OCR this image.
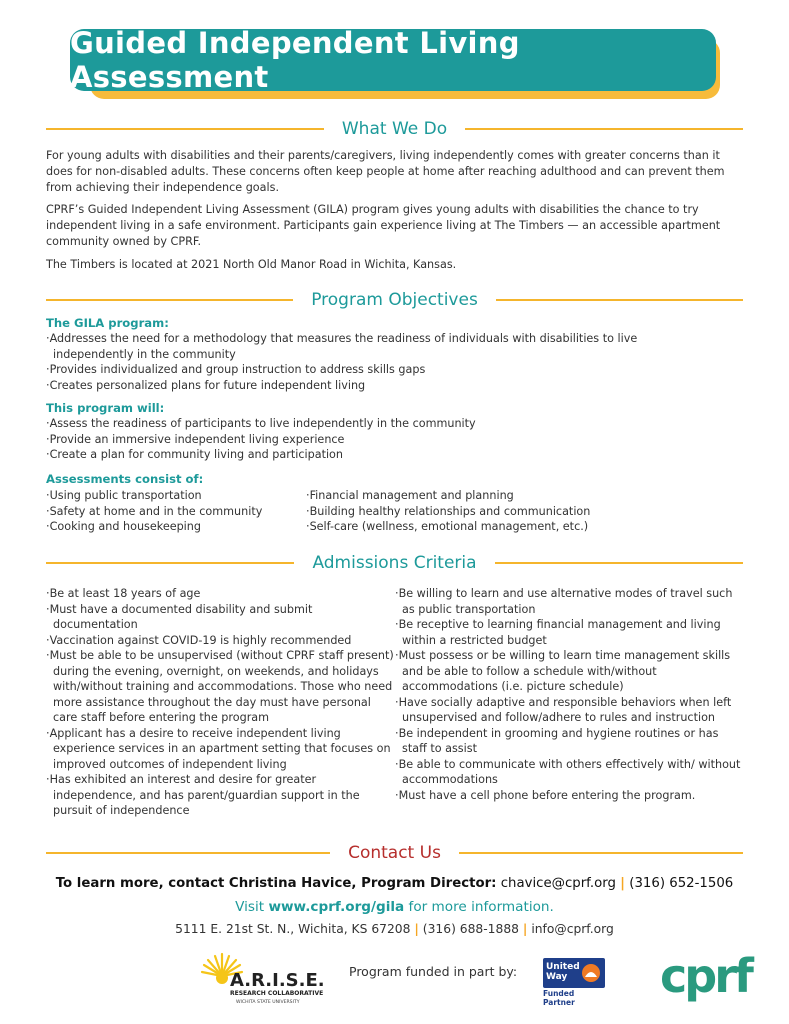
Guided Independent Living Assessment
What We Do

For young adults with disabilities and their parents/caregivers, living independently comes with greater concerns than it does for non-disabled adults. These concerns often keep people at home after reaching adulthood and can prevent them from achieving their independence goals.

CPRF’s Guided Independent Living Assessment (GILA) program gives young adults with disabilities the chance to try independent living in a safe environment. Participants gain experience living at The Timbers — an accessible apartment community owned by CPRF.

The Timbers is located at 2021 North Old Manor Road in Wichita, Kansas.

Program Objectives
The GILA program:
· Addresses the need for a methodology that measures the readiness of individuals with disabilities to live independently in the community
· Provides individualized and group instruction to address skills gaps
· Creates personalized plans for future independent living
This program will:
· Assess the readiness of participants to live independently in the community
· Provide an immersive independent living experience
· Create a plan for community living and participation
Assessments consist of:
· Using public transportation
· Safety at home and in the community
· Cooking and housekeeping
· Financial management and planning
· Building healthy relationships and communication
· Self-care (wellness, emotional management, etc.)
Admissions Criteria
· Be at least 18 years of age
· Must have a documented disability and submit documentation
· Vaccination against COVID-19 is highly recommended
· Must be able to be unsupervised (without CPRF staff present) during the evening, overnight, on weekends, and holidays with/without training and accommodations. Those who need more assistance throughout the day must have personal care staff before entering the program
· Applicant has a desire to receive independent living experience services in an apartment setting that focuses on improved outcomes of independent living
· Has exhibited an interest and desire for greater independence, and has parent/guardian support in the pursuit of independence
· Be willing to learn and use alternative modes of travel such as public transportation
· Be receptive to learning financial management and living within a restricted budget
· Must possess or be willing to learn time management skills and be able to follow a schedule with/without accommodations (i.e. picture schedule)
· Have socially adaptive and responsible behaviors when left unsupervised and follow/adhere to rules and instruction
· Be independent in grooming and hygiene routines or has staff to assist
· Be able to communicate with others effectively with/ without accommodations
· Must have a cell phone before entering the program.
Contact Us
To learn more, contact Christina Havice, Program Director: chavice@cprf.org | (316) 652-1506
Visit www.cprf.org/gila for more information.
5111 E. 21st St. N., Wichita, KS 67208 | (316) 688-1888 | info@cprf.org
A.R.I.S.E.
RESEARCH COLLABORATIVE
WICHITA STATE UNIVERSITY
Program funded in part by:	United
Way
Funded Partner	cprf
